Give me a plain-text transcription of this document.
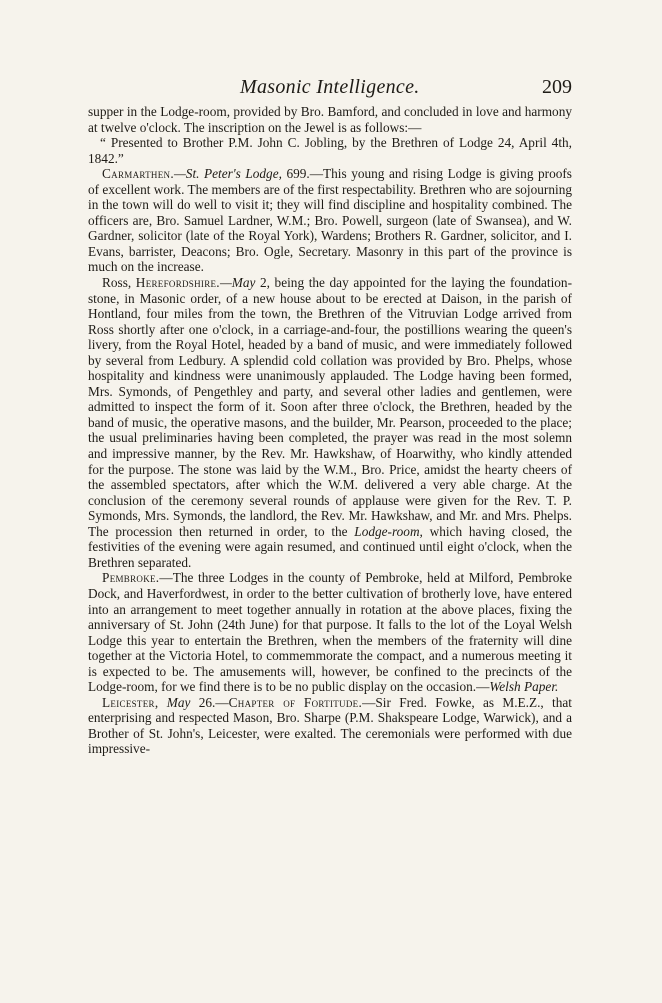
Masonic Intelligence.	209

supper in the Lodge-room, provided by Bro. Bamford, and concluded in love and harmony at twelve o'clock. The inscription on the Jewel is as follows:—

“ Presented to Brother P.M. John C. Jobling, by the Brethren of Lodge 24, April 4th, 1842.”

Carmarthen.—St. Peter's Lodge, 699.—This young and rising Lodge is giving proofs of excellent work. The members are of the first respectability. Brethren who are sojourning in the town will do well to visit it; they will find discipline and hospitality combined. The officers are, Bro. Samuel Lardner, W.M.; Bro. Powell, surgeon (late of Swansea), and W. Gardner, solicitor (late of the Royal York), Wardens; Brothers R. Gardner, solicitor, and I. Evans, barrister, Deacons; Bro. Ogle, Secretary. Masonry in this part of the province is much on the increase.

Ross, Herefordshire.—May 2, being the day appointed for the laying the foundation-stone, in Masonic order, of a new house about to be erected at Daison, in the parish of Hontland, four miles from the town, the Brethren of the Vitruvian Lodge arrived from Ross shortly after one o'clock, in a carriage-and-four, the postillions wearing the queen's livery, from the Royal Hotel, headed by a band of music, and were immediately followed by several from Ledbury. A splendid cold collation was provided by Bro. Phelps, whose hospitality and kindness were unanimously applauded. The Lodge having been formed, Mrs. Symonds, of Pengethley and party, and several other ladies and gentlemen, were admitted to inspect the form of it. Soon after three o'clock, the Brethren, headed by the band of music, the operative masons, and the builder, Mr. Pearson, proceeded to the place; the usual preliminaries having been completed, the prayer was read in the most solemn and impressive manner, by the Rev. Mr. Hawkshaw, of Hoarwithy, who kindly attended for the purpose. The stone was laid by the W.M., Bro. Price, amidst the hearty cheers of the assembled spectators, after which the W.M. delivered a very able charge. At the conclusion of the ceremony several rounds of applause were given for the Rev. T. P. Symonds, Mrs. Symonds, the landlord, the Rev. Mr. Hawkshaw, and Mr. and Mrs. Phelps. The procession then returned in order, to the Lodge-room, which having closed, the festivities of the evening were again resumed, and continued until eight o'clock, when the Brethren separated.

Pembroke.—The three Lodges in the county of Pembroke, held at Milford, Pembroke Dock, and Haverfordwest, in order to the better cultivation of brotherly love, have entered into an arrangement to meet together annually in rotation at the above places, fixing the anniversary of St. John (24th June) for that purpose. It falls to the lot of the Loyal Welsh Lodge this year to entertain the Brethren, when the members of the fraternity will dine together at the Victoria Hotel, to commemmorate the compact, and a numerous meeting it is expected to be. The amusements will, however, be confined to the precincts of the Lodge-room, for we find there is to be no public display on the occasion.—Welsh Paper.

Leicester, May 26.—Chapter of Fortitude.—Sir Fred. Fowke, as M.E.Z., that enterprising and respected Mason, Bro. Sharpe (P.M. Shakspeare Lodge, Warwick), and a Brother of St. John's, Leicester, were exalted. The ceremonials were performed with due impressive-
